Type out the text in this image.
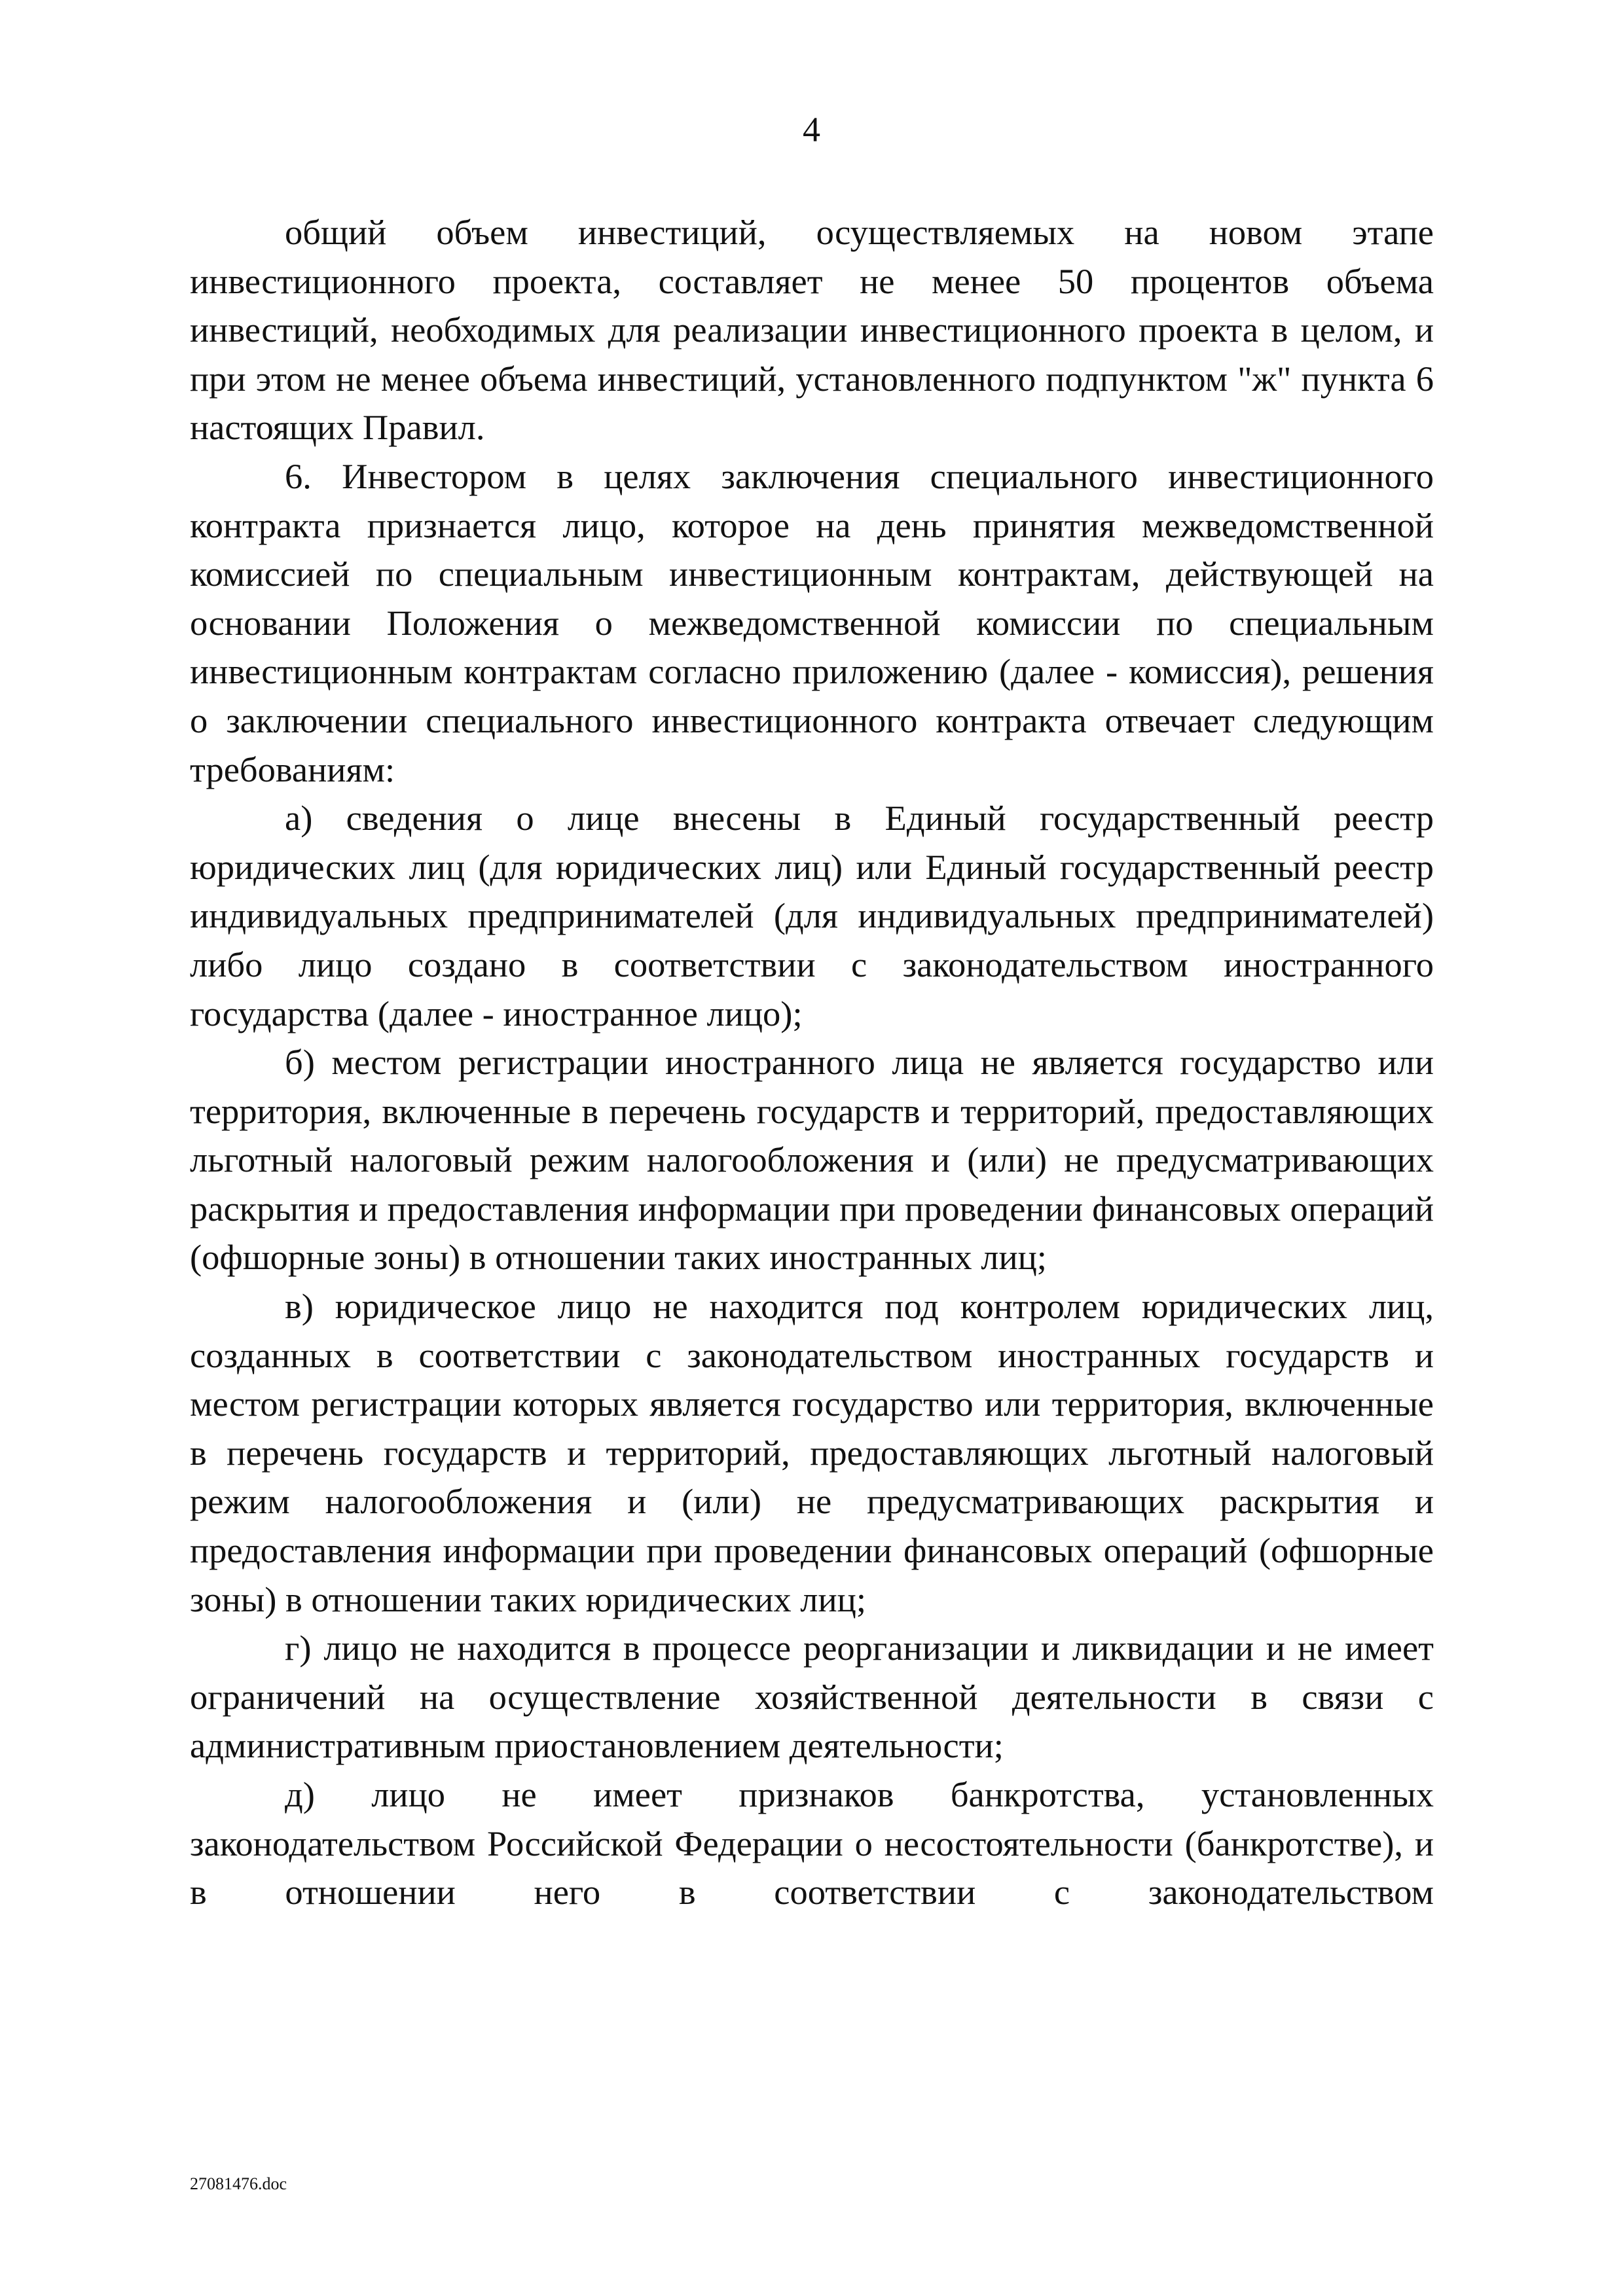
4

общий объем инвестиций, осуществляемых на новом этапе инвестиционного проекта, составляет не менее 50 процентов объема инвестиций, необходимых для реализации инвестиционного проекта в целом, и при этом не менее объема инвестиций, установленного подпунктом "ж" пункта 6 настоящих Правил.

6. Инвестором в целях заключения специального инвестиционного контракта признается лицо, которое на день принятия межведомственной комиссией по специальным инвестиционным контрактам, действующей на основании Положения о межведомственной комиссии по специальным инвестиционным контрактам согласно приложению (далее - комиссия), решения о заключении специального инвестиционного контракта отвечает следующим требованиям:

а) сведения о лице внесены в Единый государственный реестр юридических лиц (для юридических лиц) или Единый государственный реестр индивидуальных предпринимателей (для индивидуальных предпринимателей) либо лицо создано в соответствии с законодательством иностранного государства (далее - иностранное лицо);

б) местом регистрации иностранного лица не является государство или территория, включенные в перечень государств и территорий, предоставляющих льготный налоговый режим налогообложения и (или) не предусматривающих раскрытия и предоставления информации при проведении финансовых операций (офшорные зоны) в отношении таких иностранных лиц;

в) юридическое лицо не находится под контролем юридических лиц, созданных в соответствии с законодательством иностранных государств и местом регистрации которых является государство или территория, включенные в перечень государств и территорий, предоставляющих льготный налоговый режим налогообложения и (или) не предусматривающих раскрытия и предоставления информации при проведении финансовых операций (офшорные зоны) в отношении таких юридических лиц;

г) лицо не находится в процессе реорганизации и ликвидации и не имеет ограничений на осуществление хозяйственной деятельности в связи с административным приостановлением деятельности;

д) лицо не имеет признаков банкротства, установленных законодательством Российской Федерации о несостоятельности (банкротстве), и в отношении него в соответствии с законодательством

27081476.doc
